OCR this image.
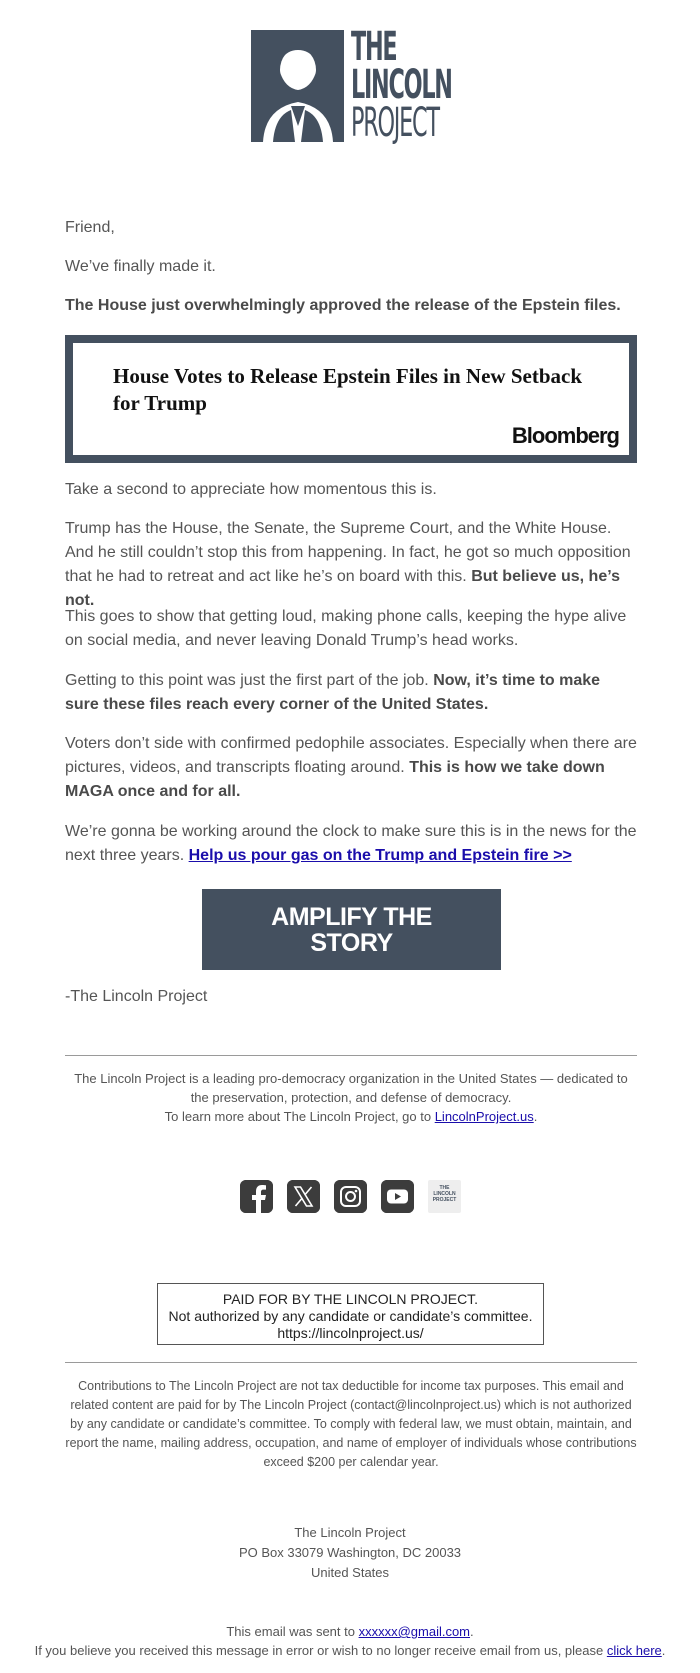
THE
LINCOLN
PROJECT
Friend,
We’ve finally made it.
The House just overwhelmingly approved the release of the Epstein files.
House Votes to Release Epstein Files in New Setback for Trump
Bloomberg
Take a second to appreciate how momentous this is.
Trump has the House, the Senate, the Supreme Court, and the White House. And he still couldn’t stop this from happening. In fact, he got so much opposition that he had to retreat and act like he’s on board with this. But believe us, he’s not.
This goes to show that getting loud, making phone calls, keeping the hype alive on social media, and never leaving Donald Trump’s head works.
Getting to this point was just the first part of the job. Now, it’s time to make sure these files reach every corner of the United States.
Voters don’t side with confirmed pedophile associates. Especially when there are pictures, videos, and transcripts floating around. This is how we take down MAGA once and for all.
We’re gonna be working around the clock to make sure this is in the news for the next three years. Help us pour gas on the Trump and Epstein fire >>
AMPLIFY THE
STORY
-The Lincoln Project
The Lincoln Project is a leading pro-democracy organization in the United States — dedicated to the preservation, protection, and defense of democracy.
To learn more about The Lincoln Project, go to LincolnProject.us.
THE
LINCOLN
PROJECT
PAID FOR BY THE LINCOLN PROJECT.
Not authorized by any candidate or candidate’s committee.
https://lincolnproject.us/
Contributions to The Lincoln Project are not tax deductible for income tax purposes. This email and related content are paid for by The Lincoln Project (contact@lincolnproject.us) which is not authorized by any candidate or candidate’s committee. To comply with federal law, we must obtain, maintain, and report the name, mailing address, occupation, and name of employer of individuals whose contributions exceed $200 per calendar year.
The Lincoln Project
PO Box 33079 Washington, DC 20033
United States
This email was sent to xxxxxx@gmail.com.
If you believe you received this message in error or wish to no longer receive email from us, please click here.
